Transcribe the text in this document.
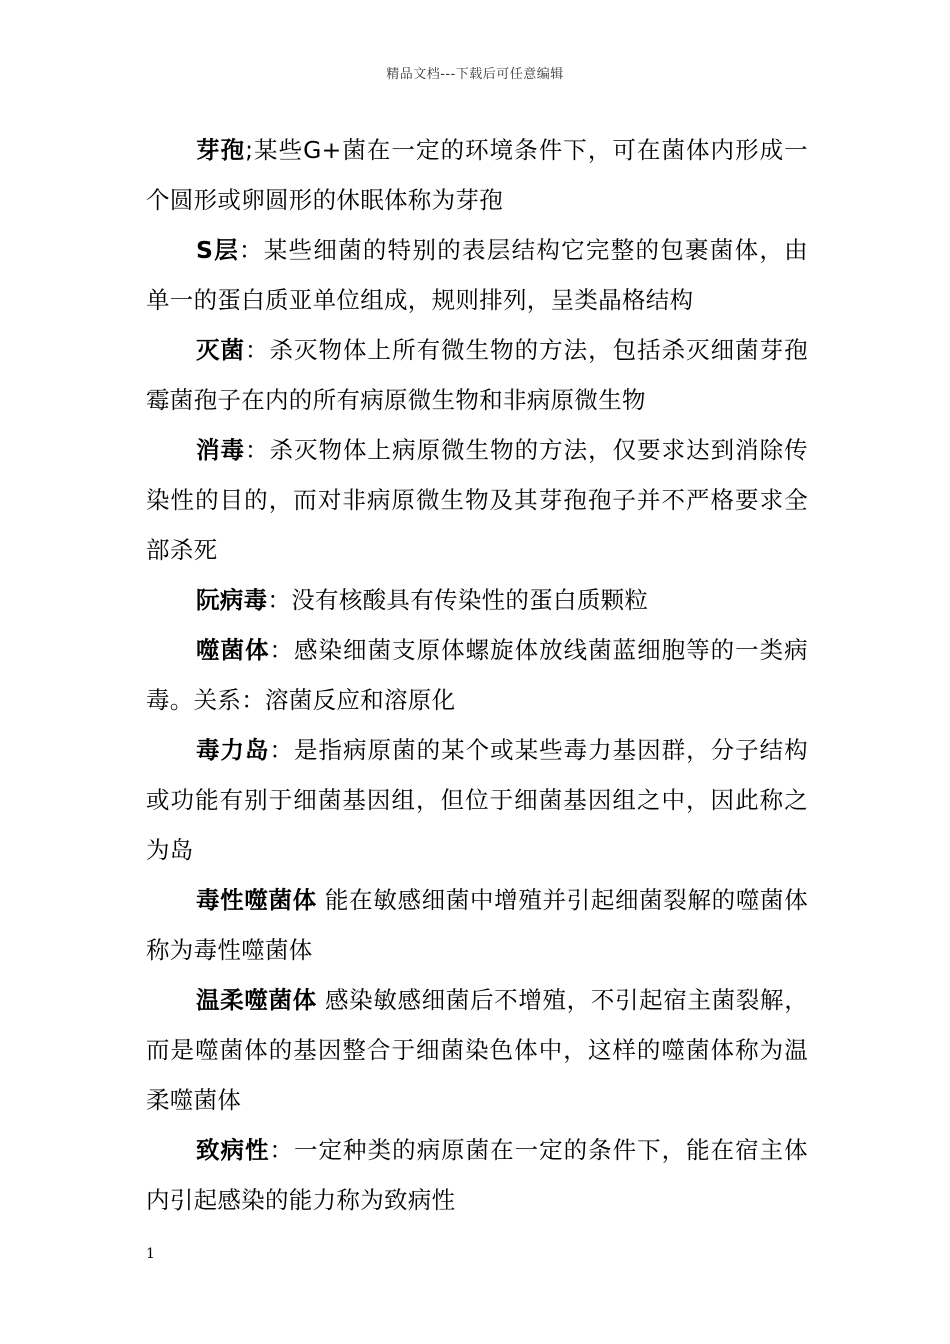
精品文档---下载后可任意编辑

芽孢;某些G+菌在一定的环境条件下，可在菌体内形成一个圆形或卵圆形的休眠体称为芽孢

S层：某些细菌的特别的表层结构它完整的包裹菌体，由单一的蛋白质亚单位组成，规则排列，呈类晶格结构

灭菌：杀灭物体上所有微生物的方法，包括杀灭细菌芽孢霉菌孢子在内的所有病原微生物和非病原微生物

消毒：杀灭物体上病原微生物的方法，仅要求达到消除传染性的目的，而对非病原微生物及其芽孢孢子并不严格要求全部杀死

阮病毒：没有核酸具有传染性的蛋白质颗粒

噬菌体：感染细菌支原体螺旋体放线菌蓝细胞等的一类病毒。关系：溶菌反应和溶原化

毒力岛：是指病原菌的某个或某些毒力基因群，分子结构或功能有别于细菌基因组，但位于细菌基因组之中，因此称之为岛

毒性噬菌体 能在敏感细菌中增殖并引起细菌裂解的噬菌体称为毒性噬菌体

温柔噬菌体 感染敏感细菌后不增殖，不引起宿主菌裂解，而是噬菌体的基因整合于细菌染色体中，这样的噬菌体称为温柔噬菌体

致病性：一定种类的病原菌在一定的条件下，能在宿主体内引起感染的能力称为致病性

1
